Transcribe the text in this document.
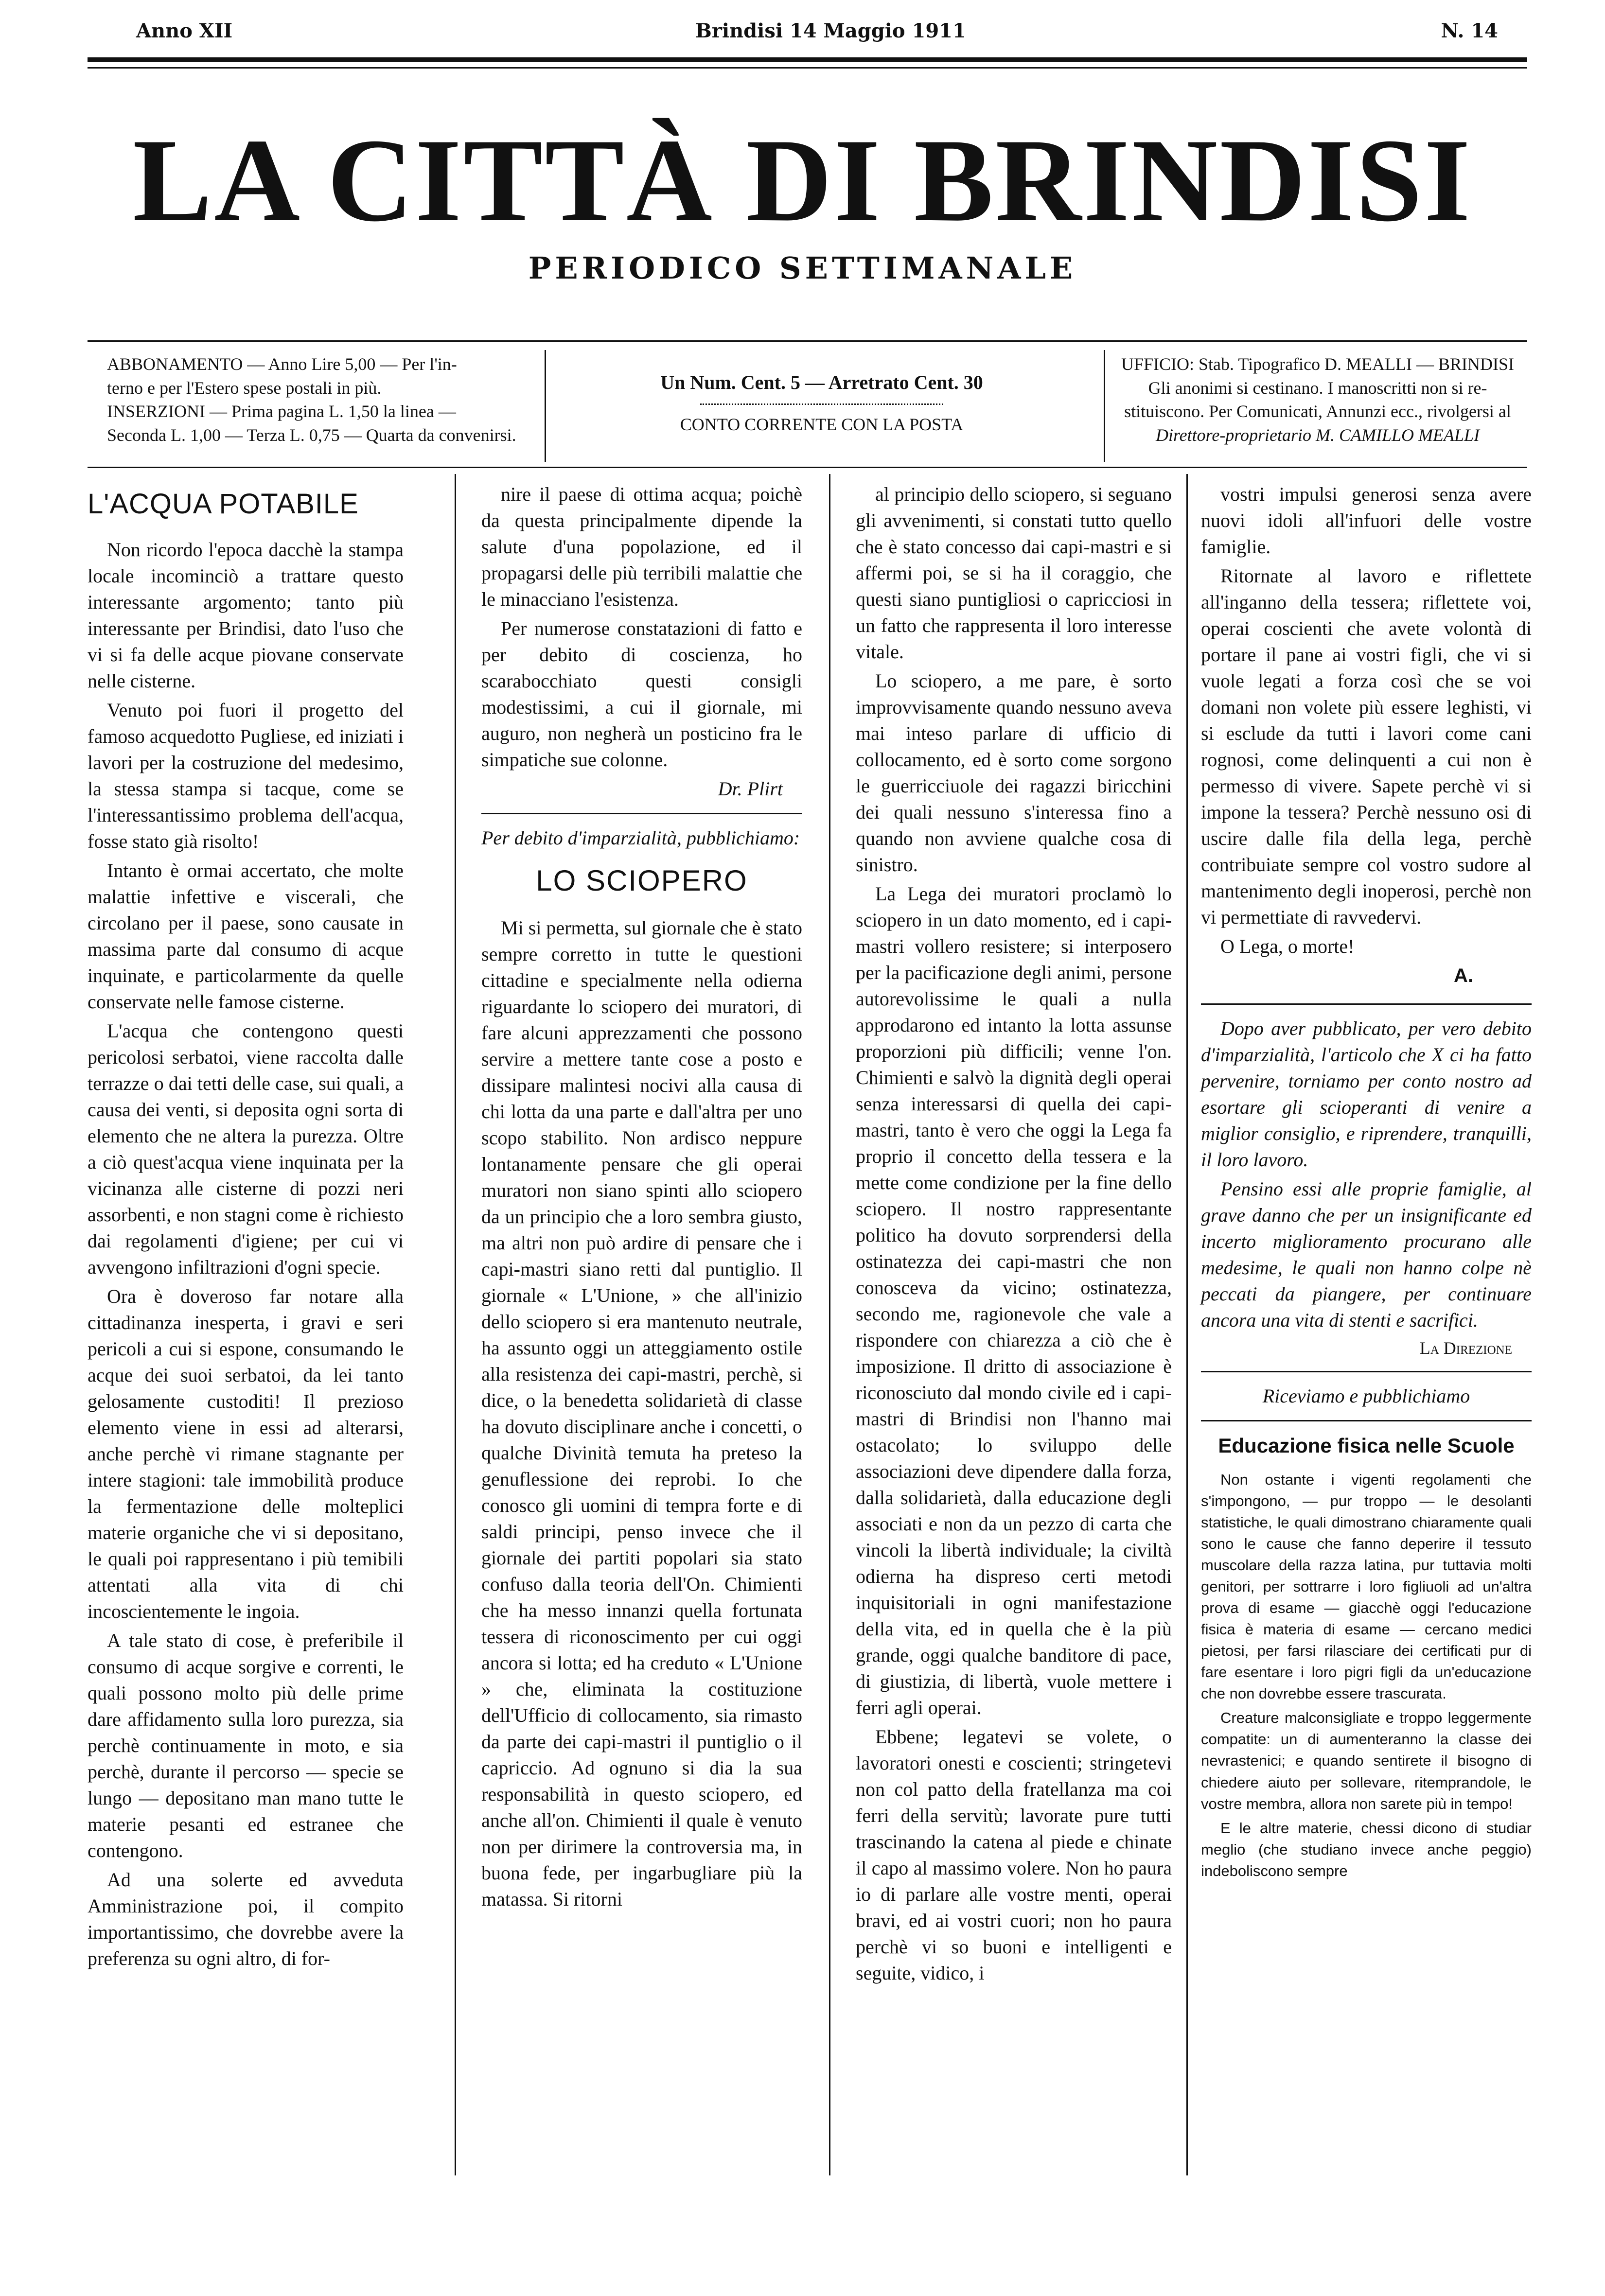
Anno XII	Brindisi 14 Maggio 1911	N. 14
LA CITTÀ DI BRINDISI
PERIODICO SETTIMANALE
ABBONAMENTO — Anno Lire 5,00 — Per l'in-
terno e per l'Estero spese postali in più.
INSERZIONI — Prima pagina L. 1,50 la linea —
Seconda L. 1,00 — Terza L. 0,75 — Quarta da convenirsi.
Un Num. Cent. 5 — Arretrato Cent. 30
CONTO CORRENTE CON LA POSTA
UFFICIO: Stab. Tipografico D. MEALLI — BRINDISI
Gli anonimi si cestinano. I manoscritti non si re-
stituiscono. Per Comunicati, Annunzi ecc., rivolgersi al
Direttore-proprietario M. CAMILLO MEALLI
L'ACQUA POTABILE

Non ricordo l'epoca dacchè la stampa locale incominciò a trattare questo interessante argomento; tanto più interessante per Brindisi, dato l'uso che vi si fa delle acque piovane conservate nelle cisterne.

Venuto poi fuori il progetto del famoso acquedotto Pugliese, ed iniziati i lavori per la costruzione del medesimo, la stessa stampa si tacque, come se l'interessantissimo problema dell'acqua, fosse stato già risolto!

Intanto è ormai accertato, che molte malattie infettive e viscerali, che circolano per il paese, sono causate in massima parte dal consumo di acque inquinate, e particolarmente da quelle conservate nelle famose cisterne.

L'acqua che contengono questi pericolosi serbatoi, viene raccolta dalle terrazze o dai tetti delle case, sui quali, a causa dei venti, si deposita ogni sorta di elemento che ne altera la purezza. Oltre a ciò quest'acqua viene inquinata per la vicinanza alle cisterne di pozzi neri assorbenti, e non stagni come è richiesto dai regolamenti d'igiene; per cui vi avvengono infiltrazioni d'ogni specie.

Ora è doveroso far notare alla cittadinanza inesperta, i gravi e seri pericoli a cui si espone, consumando le acque dei suoi serbatoi, da lei tanto gelosamente custoditi! Il prezioso elemento viene in essi ad alterarsi, anche perchè vi rimane stagnante per intere stagioni: tale immobilità produce la fermentazione delle molteplici materie organiche che vi si depositano, le quali poi rappresentano i più temibili attentati alla vita di chi incoscientemente le ingoia.

A tale stato di cose, è preferibile il consumo di acque sorgive e correnti, le quali possono molto più delle prime dare affidamento sulla loro purezza, sia perchè continuamente in moto, e sia perchè, durante il percorso — specie se lungo — depositano man mano tutte le materie pesanti ed estranee che contengono.

Ad una solerte ed avveduta Amministrazione poi, il compito importantissimo, che dovrebbe avere la preferenza su ogni altro, di for-

nire il paese di ottima acqua; poichè da questa principalmente dipende la salute d'una popolazione, ed il propagarsi delle più terribili malattie che le minacciano l'esistenza.

Per numerose constatazioni di fatto e per debito di coscienza, ho scarabocchiato questi consigli modestissimi, a cui il giornale, mi auguro, non negherà un posticino fra le simpatiche sue colonne.

Dr. Plirt
Per debito d'imparzialità, pubblichiamo:
LO SCIOPERO

Mi si permetta, sul giornale che è stato sempre corretto in tutte le questioni cittadine e specialmente nella odierna riguardante lo sciopero dei muratori, di fare alcuni apprezzamenti che possono servire a mettere tante cose a posto e dissipare malintesi nocivi alla causa di chi lotta da una parte e dall'altra per uno scopo stabilito. Non ardisco neppure lontanamente pensare che gli operai muratori non siano spinti allo sciopero da un principio che a loro sembra giusto, ma altri non può ardire di pensare che i capi-mastri siano retti dal puntiglio. Il giornale « L'Unione, » che all'inizio dello sciopero si era mantenuto neutrale, ha assunto oggi un atteggiamento ostile alla resistenza dei capi-mastri, perchè, si dice, o la benedetta solidarietà di classe ha dovuto disciplinare anche i concetti, o qualche Divinità temuta ha preteso la genuflessione dei reprobi. Io che conosco gli uomini di tempra forte e di saldi principi, penso invece che il giornale dei partiti popolari sia stato confuso dalla teoria dell'On. Chimienti che ha messo innanzi quella fortunata tessera di riconoscimento per cui oggi ancora si lotta; ed ha creduto « L'Unione » che, eliminata la costituzione dell'Ufficio di collocamento, sia rimasto da parte dei capi-mastri il puntiglio o il capriccio. Ad ognuno si dia la sua responsabilità in questo sciopero, ed anche all'on. Chimienti il quale è venuto non per dirimere la controversia ma, in buona fede, per ingarbugliare più la matassa. Si ritorni

al principio dello sciopero, si seguano gli avvenimenti, si constati tutto quello che è stato concesso dai capi-mastri e si affermi poi, se si ha il coraggio, che questi siano puntigliosi o capricciosi in un fatto che rappresenta il loro interesse vitale.

Lo sciopero, a me pare, è sorto improvvisamente quando nessuno aveva mai inteso parlare di ufficio di collocamento, ed è sorto come sorgono le guerricciuole dei ragazzi biricchini dei quali nessuno s'interessa fino a quando non avviene qualche cosa di sinistro.

La Lega dei muratori proclamò lo sciopero in un dato momento, ed i capi-mastri vollero resistere; si interposero per la pacificazione degli animi, persone autorevolissime le quali a nulla approdarono ed intanto la lotta assunse proporzioni più difficili; venne l'on. Chimienti e salvò la dignità degli operai senza interessarsi di quella dei capi-mastri, tanto è vero che oggi la Lega fa proprio il concetto della tessera e la mette come condizione per la fine dello sciopero. Il nostro rappresentante politico ha dovuto sorprendersi della ostinatezza dei capi-mastri che non conosceva da vicino; ostinatezza, secondo me, ragionevole che vale a rispondere con chiarezza a ciò che è imposizione. Il dritto di associazione è riconosciuto dal mondo civile ed i capi-mastri di Brindisi non l'hanno mai ostacolato; lo sviluppo delle associazioni deve dipendere dalla forza, dalla solidarietà, dalla educazione degli associati e non da un pezzo di carta che vincoli la libertà individuale; la civiltà odierna ha dispreso certi metodi inquisitoriali in ogni manifestazione della vita, ed in quella che è la più grande, oggi qualche banditore di pace, di giustizia, di libertà, vuole mettere i ferri agli operai.

Ebbene; legatevi se volete, o lavoratori onesti e coscienti; stringetevi non col patto della fratellanza ma coi ferri della servitù; lavorate pure tutti trascinando la catena al piede e chinate il capo al massimo volere. Non ho paura io di parlare alle vostre menti, operai bravi, ed ai vostri cuori; non ho paura perchè vi so buoni e intelligenti e seguite, vidico, i

vostri impulsi generosi senza avere nuovi idoli all'infuori delle vostre famiglie.

Ritornate al lavoro e riflettete all'inganno della tessera; riflettete voi, operai coscienti che avete volontà di portare il pane ai vostri figli, che vi si vuole legati a forza così che se voi domani non volete più essere leghisti, vi si esclude da tutti i lavori come cani rognosi, come delinquenti a cui non è permesso di vivere. Sapete perchè vi si impone la tessera? Perchè nessuno osi di uscire dalle fila della lega, perchè contribuiate sempre col vostro sudore al mantenimento degli inoperosi, perchè non vi permettiate di ravvedervi.

O Lega, o morte!

A.

Dopo aver pubblicato, per vero debito d'imparzialità, l'articolo che X ci ha fatto pervenire, torniamo per conto nostro ad esortare gli scioperanti di venire a miglior consiglio, e riprendere, tranquilli, il loro lavoro.

Pensino essi alle proprie famiglie, al grave danno che per un insignificante ed incerto miglioramento procurano alle medesime, le quali non hanno colpe nè peccati da piangere, per continuare ancora una vita di stenti e sacrifici.

La Direzione
Riceviamo e pubblichiamo
Educazione fisica nelle Scuole

Non ostante i vigenti regolamenti che s'impongono, — pur troppo — le desolanti statistiche, le quali dimostrano chiaramente quali sono le cause che fanno deperire il tessuto muscolare della razza latina, pur tuttavia molti genitori, per sottrarre i loro figliuoli ad un'altra prova di esame — giacchè oggi l'educazione fisica è materia di esame — cercano medici pietosi, per farsi rilasciare dei certificati pur di fare esentare i loro pigri figli da un'educazione che non dovrebbe essere trascurata.

Creature malconsigliate e troppo leggermente compatite: un di aumenteranno la classe dei nevrastenici; e quando sentirete il bisogno di chiedere aiuto per sollevare, ritemprandole, le vostre membra, allora non sarete più in tempo!

E le altre materie, chessi dicono di studiar meglio (che studiano invece anche peggio) indeboliscono sempre
